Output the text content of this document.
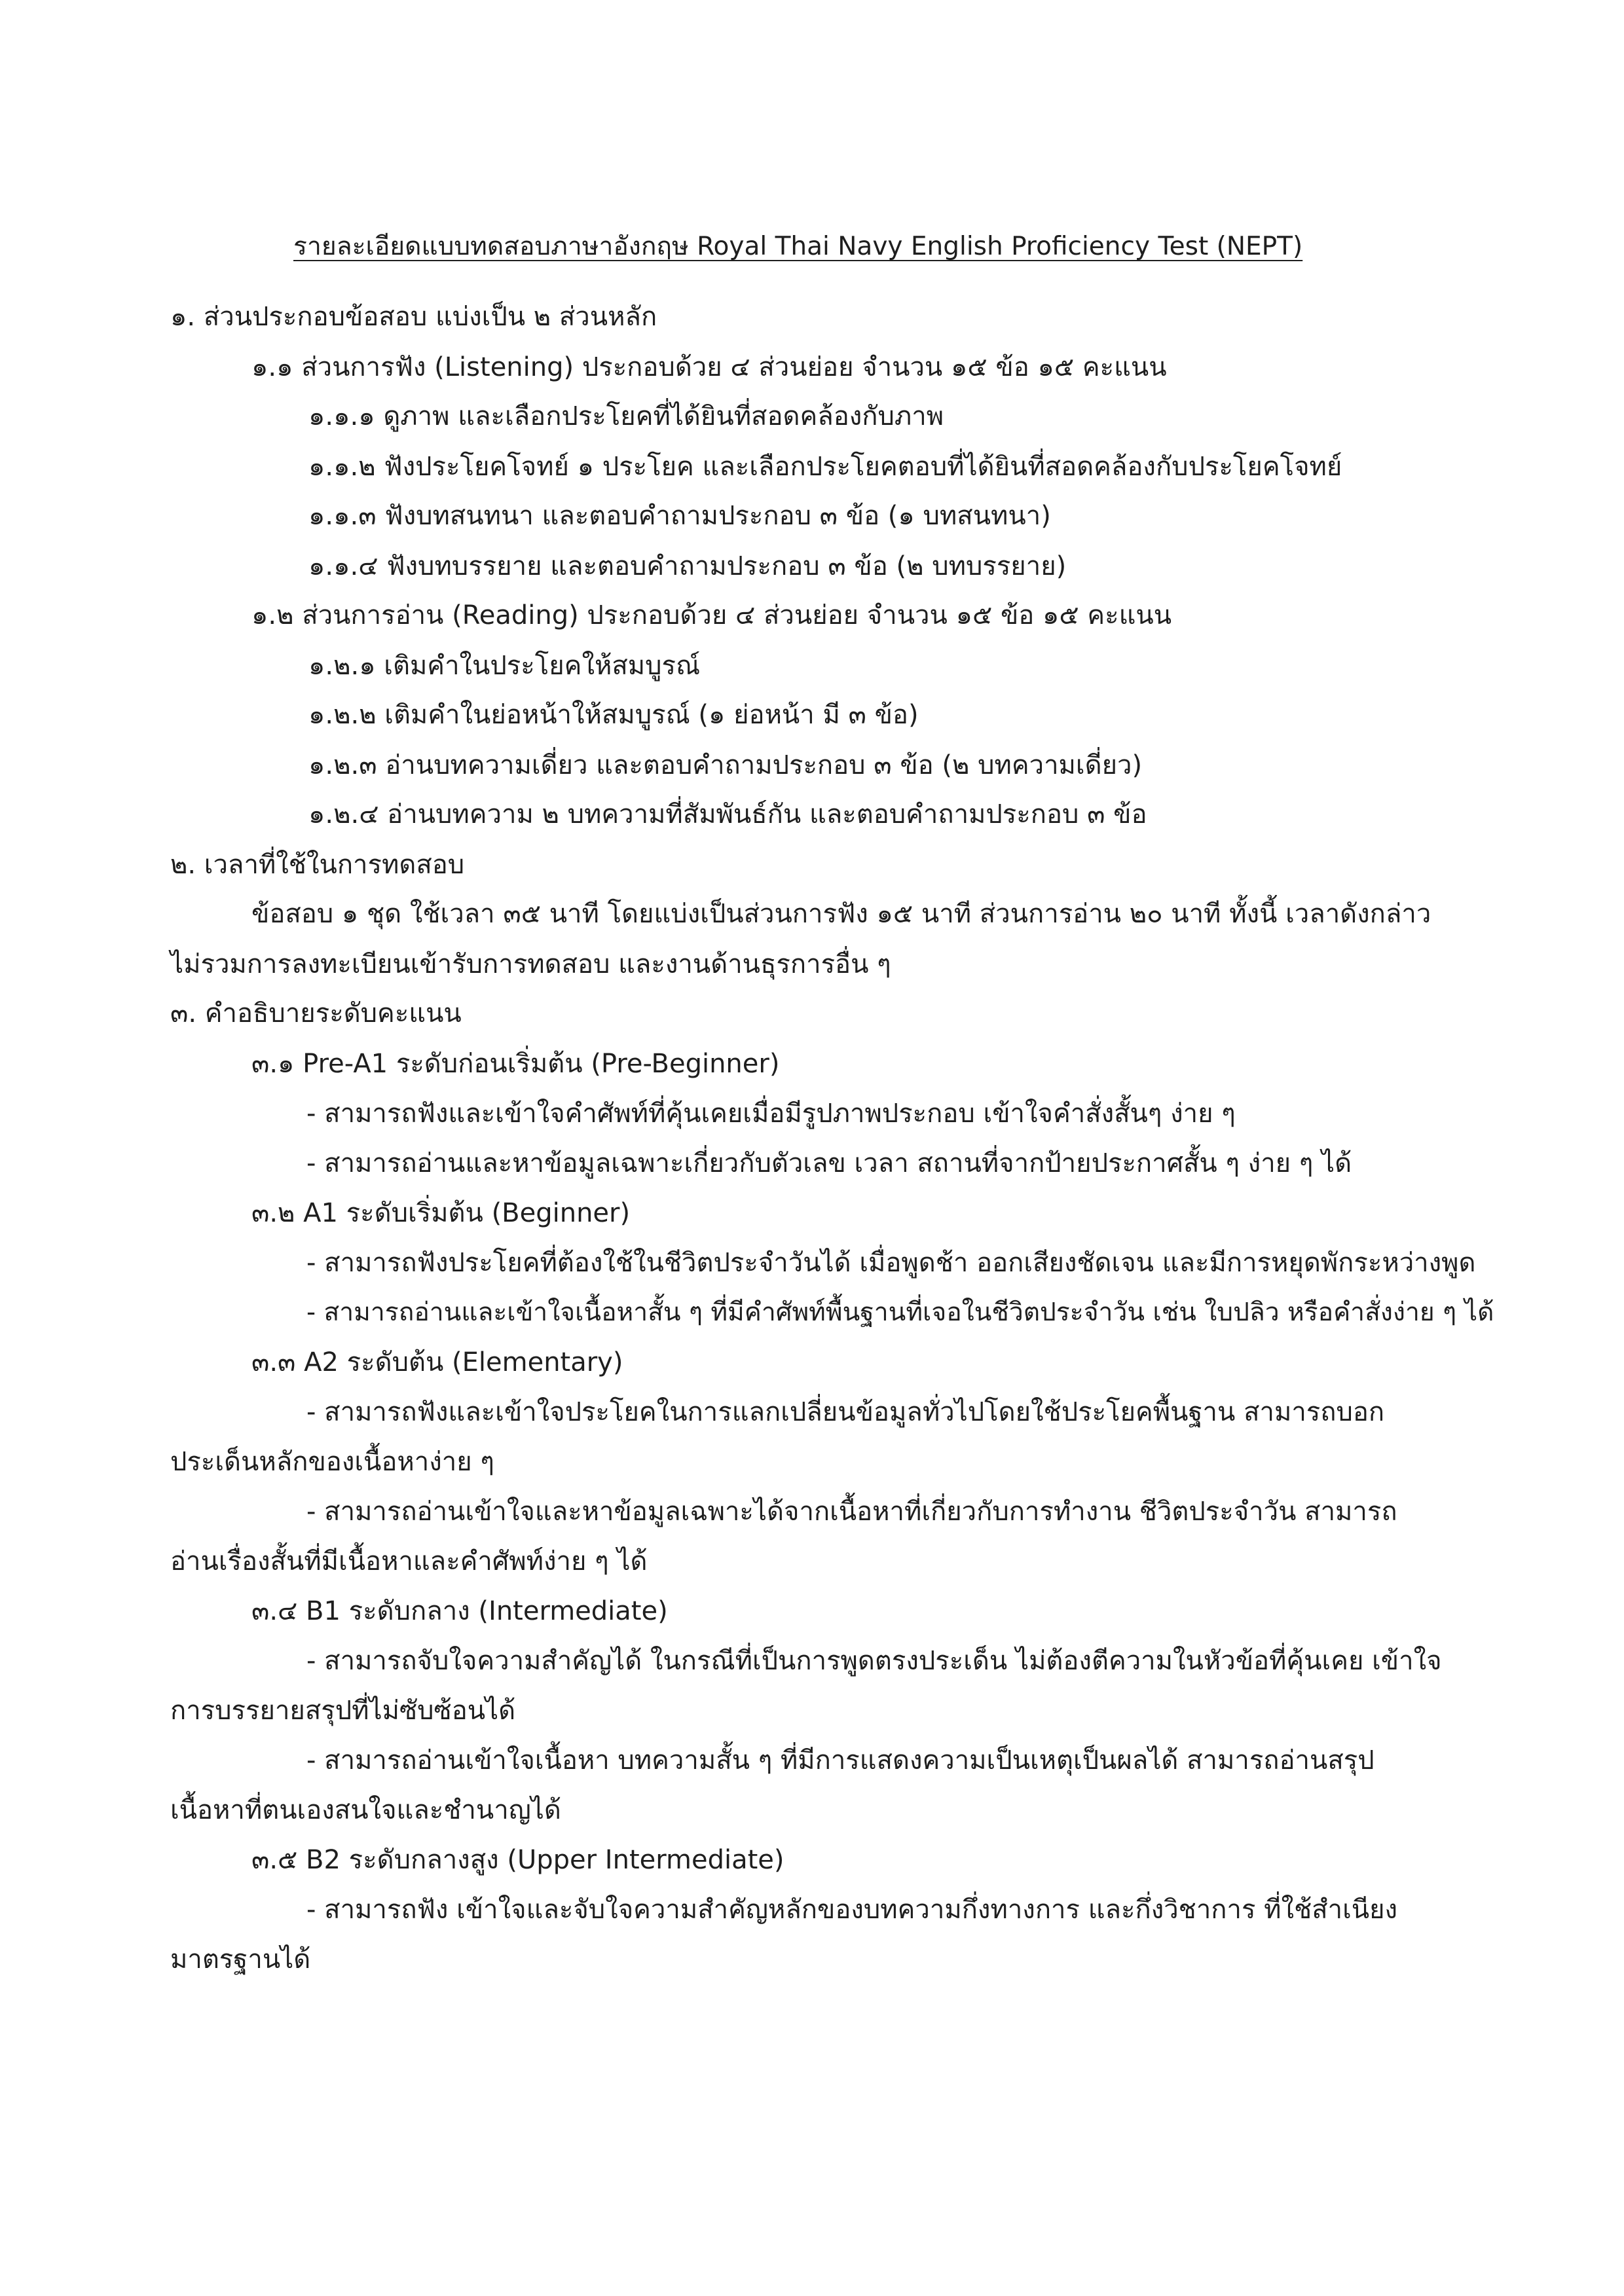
รายละเอียดแบบทดสอบภาษาอังกฤษ Royal Thai Navy English Proficiency Test (NEPT)
๑. ส่วนประกอบข้อสอบ แบ่งเป็น ๒ ส่วนหลัก
๑.๑ ส่วนการฟัง (Listening) ประกอบด้วย ๔ ส่วนย่อย จำนวน ๑๕ ข้อ ๑๕ คะแนน
๑.๑.๑ ดูภาพ และเลือกประโยคที่ได้ยินที่สอดคล้องกับภาพ
๑.๑.๒ ฟังประโยคโจทย์ ๑ ประโยค และเลือกประโยคตอบที่ได้ยินที่สอดคล้องกับประโยคโจทย์
๑.๑.๓ ฟังบทสนทนา และตอบคำถามประกอบ ๓ ข้อ (๑ บทสนทนา)
๑.๑.๔ ฟังบทบรรยาย และตอบคำถามประกอบ ๓ ข้อ (๒ บทบรรยาย)
๑.๒ ส่วนการอ่าน (Reading) ประกอบด้วย ๔ ส่วนย่อย จำนวน ๑๕ ข้อ ๑๕ คะแนน
๑.๒.๑ เติมคำในประโยคให้สมบูรณ์
๑.๒.๒ เติมคำในย่อหน้าให้สมบูรณ์ (๑ ย่อหน้า มี ๓ ข้อ)
๑.๒.๓ อ่านบทความเดี่ยว และตอบคำถามประกอบ ๓ ข้อ (๒ บทความเดี่ยว)
๑.๒.๔ อ่านบทความ ๒ บทความที่สัมพันธ์กัน และตอบคำถามประกอบ ๓ ข้อ
๒. เวลาที่ใช้ในการทดสอบ
ข้อสอบ ๑ ชุด ใช้เวลา ๓๕ นาที โดยแบ่งเป็นส่วนการฟัง ๑๕ นาที ส่วนการอ่าน ๒๐ นาที ทั้งนี้ เวลาดังกล่าว
ไม่รวมการลงทะเบียนเข้ารับการทดสอบ และงานด้านธุรการอื่น ๆ
๓. คำอธิบายระดับคะแนน
๓.๑ Pre-A1 ระดับก่อนเริ่มต้น (Pre-Beginner)
- สามารถฟังและเข้าใจคำศัพท์ที่คุ้นเคยเมื่อมีรูปภาพประกอบ เข้าใจคำสั่งสั้นๆ ง่าย ๆ
- สามารถอ่านและหาข้อมูลเฉพาะเกี่ยวกับตัวเลข เวลา สถานที่จากป้ายประกาศสั้น ๆ ง่าย ๆ ได้
๓.๒ A1 ระดับเริ่มต้น (Beginner)
- สามารถฟังประโยคที่ต้องใช้ในชีวิตประจำวันได้ เมื่อพูดช้า ออกเสียงชัดเจน และมีการหยุดพักระหว่างพูด
- สามารถอ่านและเข้าใจเนื้อหาสั้น ๆ ที่มีคำศัพท์พื้นฐานที่เจอในชีวิตประจำวัน เช่น ใบปลิว หรือคำสั่งง่าย ๆ ได้
๓.๓ A2 ระดับต้น (Elementary)
- สามารถฟังและเข้าใจประโยคในการแลกเปลี่ยนข้อมูลทั่วไปโดยใช้ประโยคพื้นฐาน สามารถบอก
ประเด็นหลักของเนื้อหาง่าย ๆ
- สามารถอ่านเข้าใจและหาข้อมูลเฉพาะได้จากเนื้อหาที่เกี่ยวกับการทำงาน ชีวิตประจำวัน สามารถ
อ่านเรื่องสั้นที่มีเนื้อหาและคำศัพท์ง่าย ๆ ได้
๓.๔ B1 ระดับกลาง (Intermediate)
- สามารถจับใจความสำคัญได้ ในกรณีที่เป็นการพูดตรงประเด็น ไม่ต้องตีความในหัวข้อที่คุ้นเคย เข้าใจ
การบรรยายสรุปที่ไม่ซับซ้อนได้
- สามารถอ่านเข้าใจเนื้อหา บทความสั้น ๆ ที่มีการแสดงความเป็นเหตุเป็นผลได้ สามารถอ่านสรุป
เนื้อหาที่ตนเองสนใจและชำนาญได้
๓.๕ B2 ระดับกลางสูง (Upper Intermediate)
- สามารถฟัง เข้าใจและจับใจความสำคัญหลักของบทความกึ่งทางการ และกึ่งวิชาการ ที่ใช้สำเนียง
มาตรฐานได้
